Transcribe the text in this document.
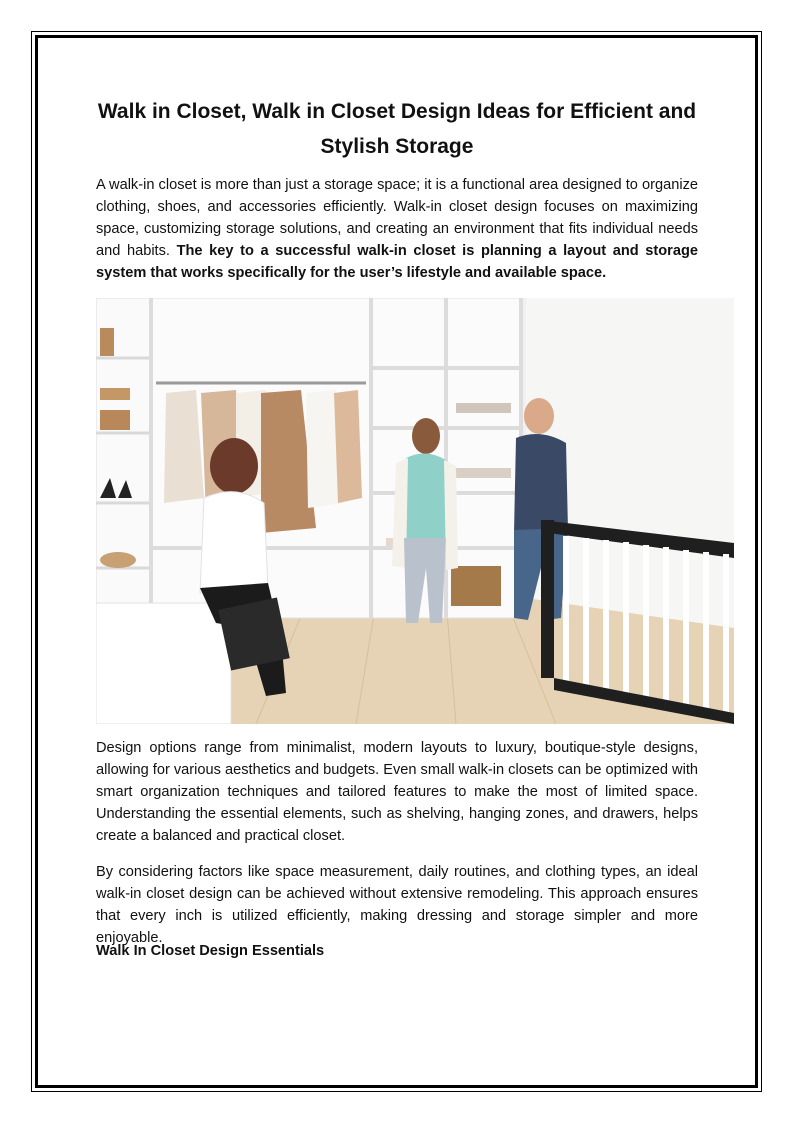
Walk in Closet, Walk in Closet Design Ideas for Efficient and Stylish Storage

A walk-in closet is more than just a storage space; it is a functional area designed to organize clothing, shoes, and accessories efficiently. Walk-in closet design focuses on maximizing space, customizing storage solutions, and creating an environment that fits individual needs and habits. The key to a successful walk-in closet is planning a layout and storage system that works specifically for the user’s lifestyle and available space.

Design options range from minimalist, modern layouts to luxury, boutique-style designs, allowing for various aesthetics and budgets. Even small walk-in closets can be optimized with smart organization techniques and tailored features to make the most of limited space. Understanding the essential elements, such as shelving, hanging zones, and drawers, helps create a balanced and practical closet.

By considering factors like space measurement, daily routines, and clothing types, an ideal walk-in closet design can be achieved without extensive remodeling. This approach ensures that every inch is utilized efficiently, making dressing and storage simpler and more enjoyable.

Walk In Closet Design Essentials
